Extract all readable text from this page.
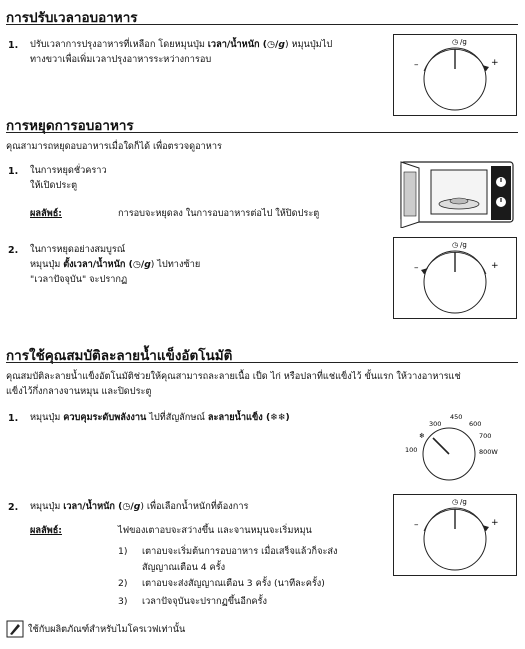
การปรับเวลาอบอาหาร
1. ปรับเวลาการปรุงอาหารที่เหลือก โดยหมุนปุ่ม เวลา/น้ำหนัก (◷/g) หมุนปุ่มไป
ทางขวาเพื่อเพิ่มเวลาปรุงอาหารระหว่างการอบ
◷ /g
–	+
การหยุดการอบอาหาร
คุณสามารถหยุดอบอาหารเมื่อใดก็ได้ เพื่อตรวจดูอาหาร
1. ในการหยุดชั่วคราว
ให้เปิดประตู
ผลลัพธ์:	การอบจะหยุดลง ในการอบอาหารต่อไป ให้ปิดประตู
2. ในการหยุดอย่างสมบูรณ์
หมุนปุ่ม ตั้งเวลา/น้ำหนัก (◷/g) ไปทางซ้าย
"เวลาปัจจุบัน" จะปรากฏ
◷ /g
–	+
การใช้คุณสมบัติละลายน้ำแข็งอัตโนมัติ
คุณสมบัติละลายน้ำแข็งอัตโนมัติช่วยให้คุณสามารถละลายเนื้อ เป็ด ไก่ หรือปลาที่แช่แข็งไว้ ขั้นแรก ให้วางอาหารแช่
แข็งไว้กึ่งกลางจานหมุน และปิดประตู
1. หมุนปุ่ม ควบคุมระดับพลังงาน ไปที่สัญลักษณ์ ละลายน้ำแข็ง (❄❄)
300
450
600
700
800W
100
❄
2. หมุนปุ่ม เวลา/น้ำหนัก (◷/g) เพื่อเลือกน้ำหนักที่ต้องการ
ผลลัพธ์:	ไฟของเตาอบจะสว่างขึ้น และจานหมุนจะเริ่มหมุน
1) เตาอบจะเริ่มต้นการอบอาหาร เมื่อเสร็จแล้วก็จะส่ง
สัญญาณเตือน 4 ครั้ง
2) เตาอบจะส่งสัญญาณเตือน 3 ครั้ง (นาทีละครั้ง)
3) เวลาปัจจุบันจะปรากฏขึ้นอีกครั้ง
◷ /g
–	+
ใช้กับผลิตภัณฑ์สำหรับไมโครเวฟเท่านั้น
